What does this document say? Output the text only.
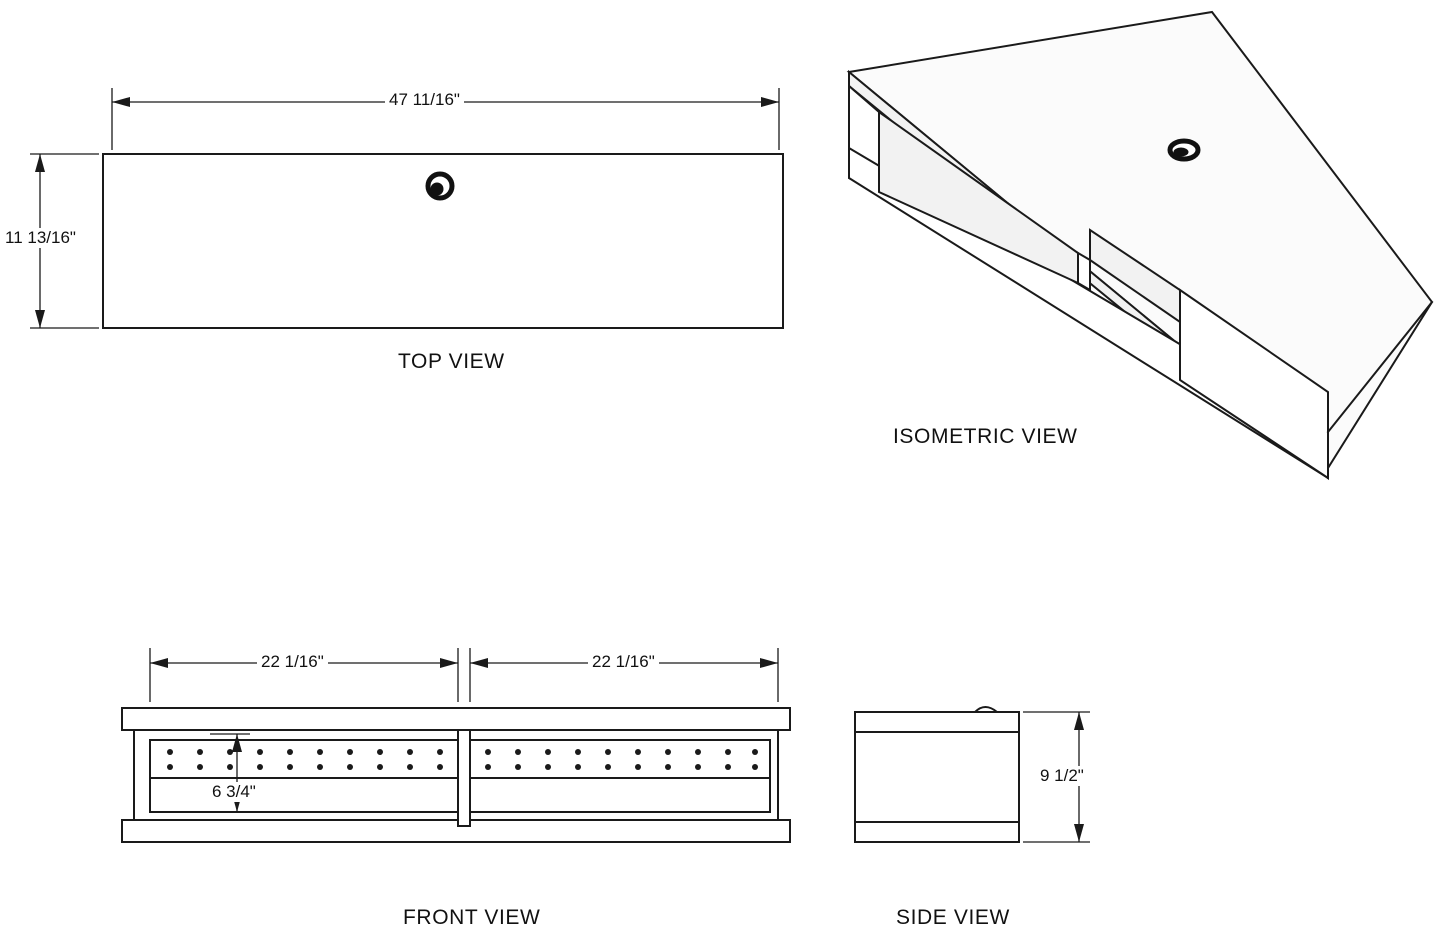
47 11/16"
11 13/16"
TOP VIEW
ISOMETRIC VIEW
22 1/16"	22 1/16"
6 3/4"
9 1/2"
FRONT VIEW	SIDE VIEW
